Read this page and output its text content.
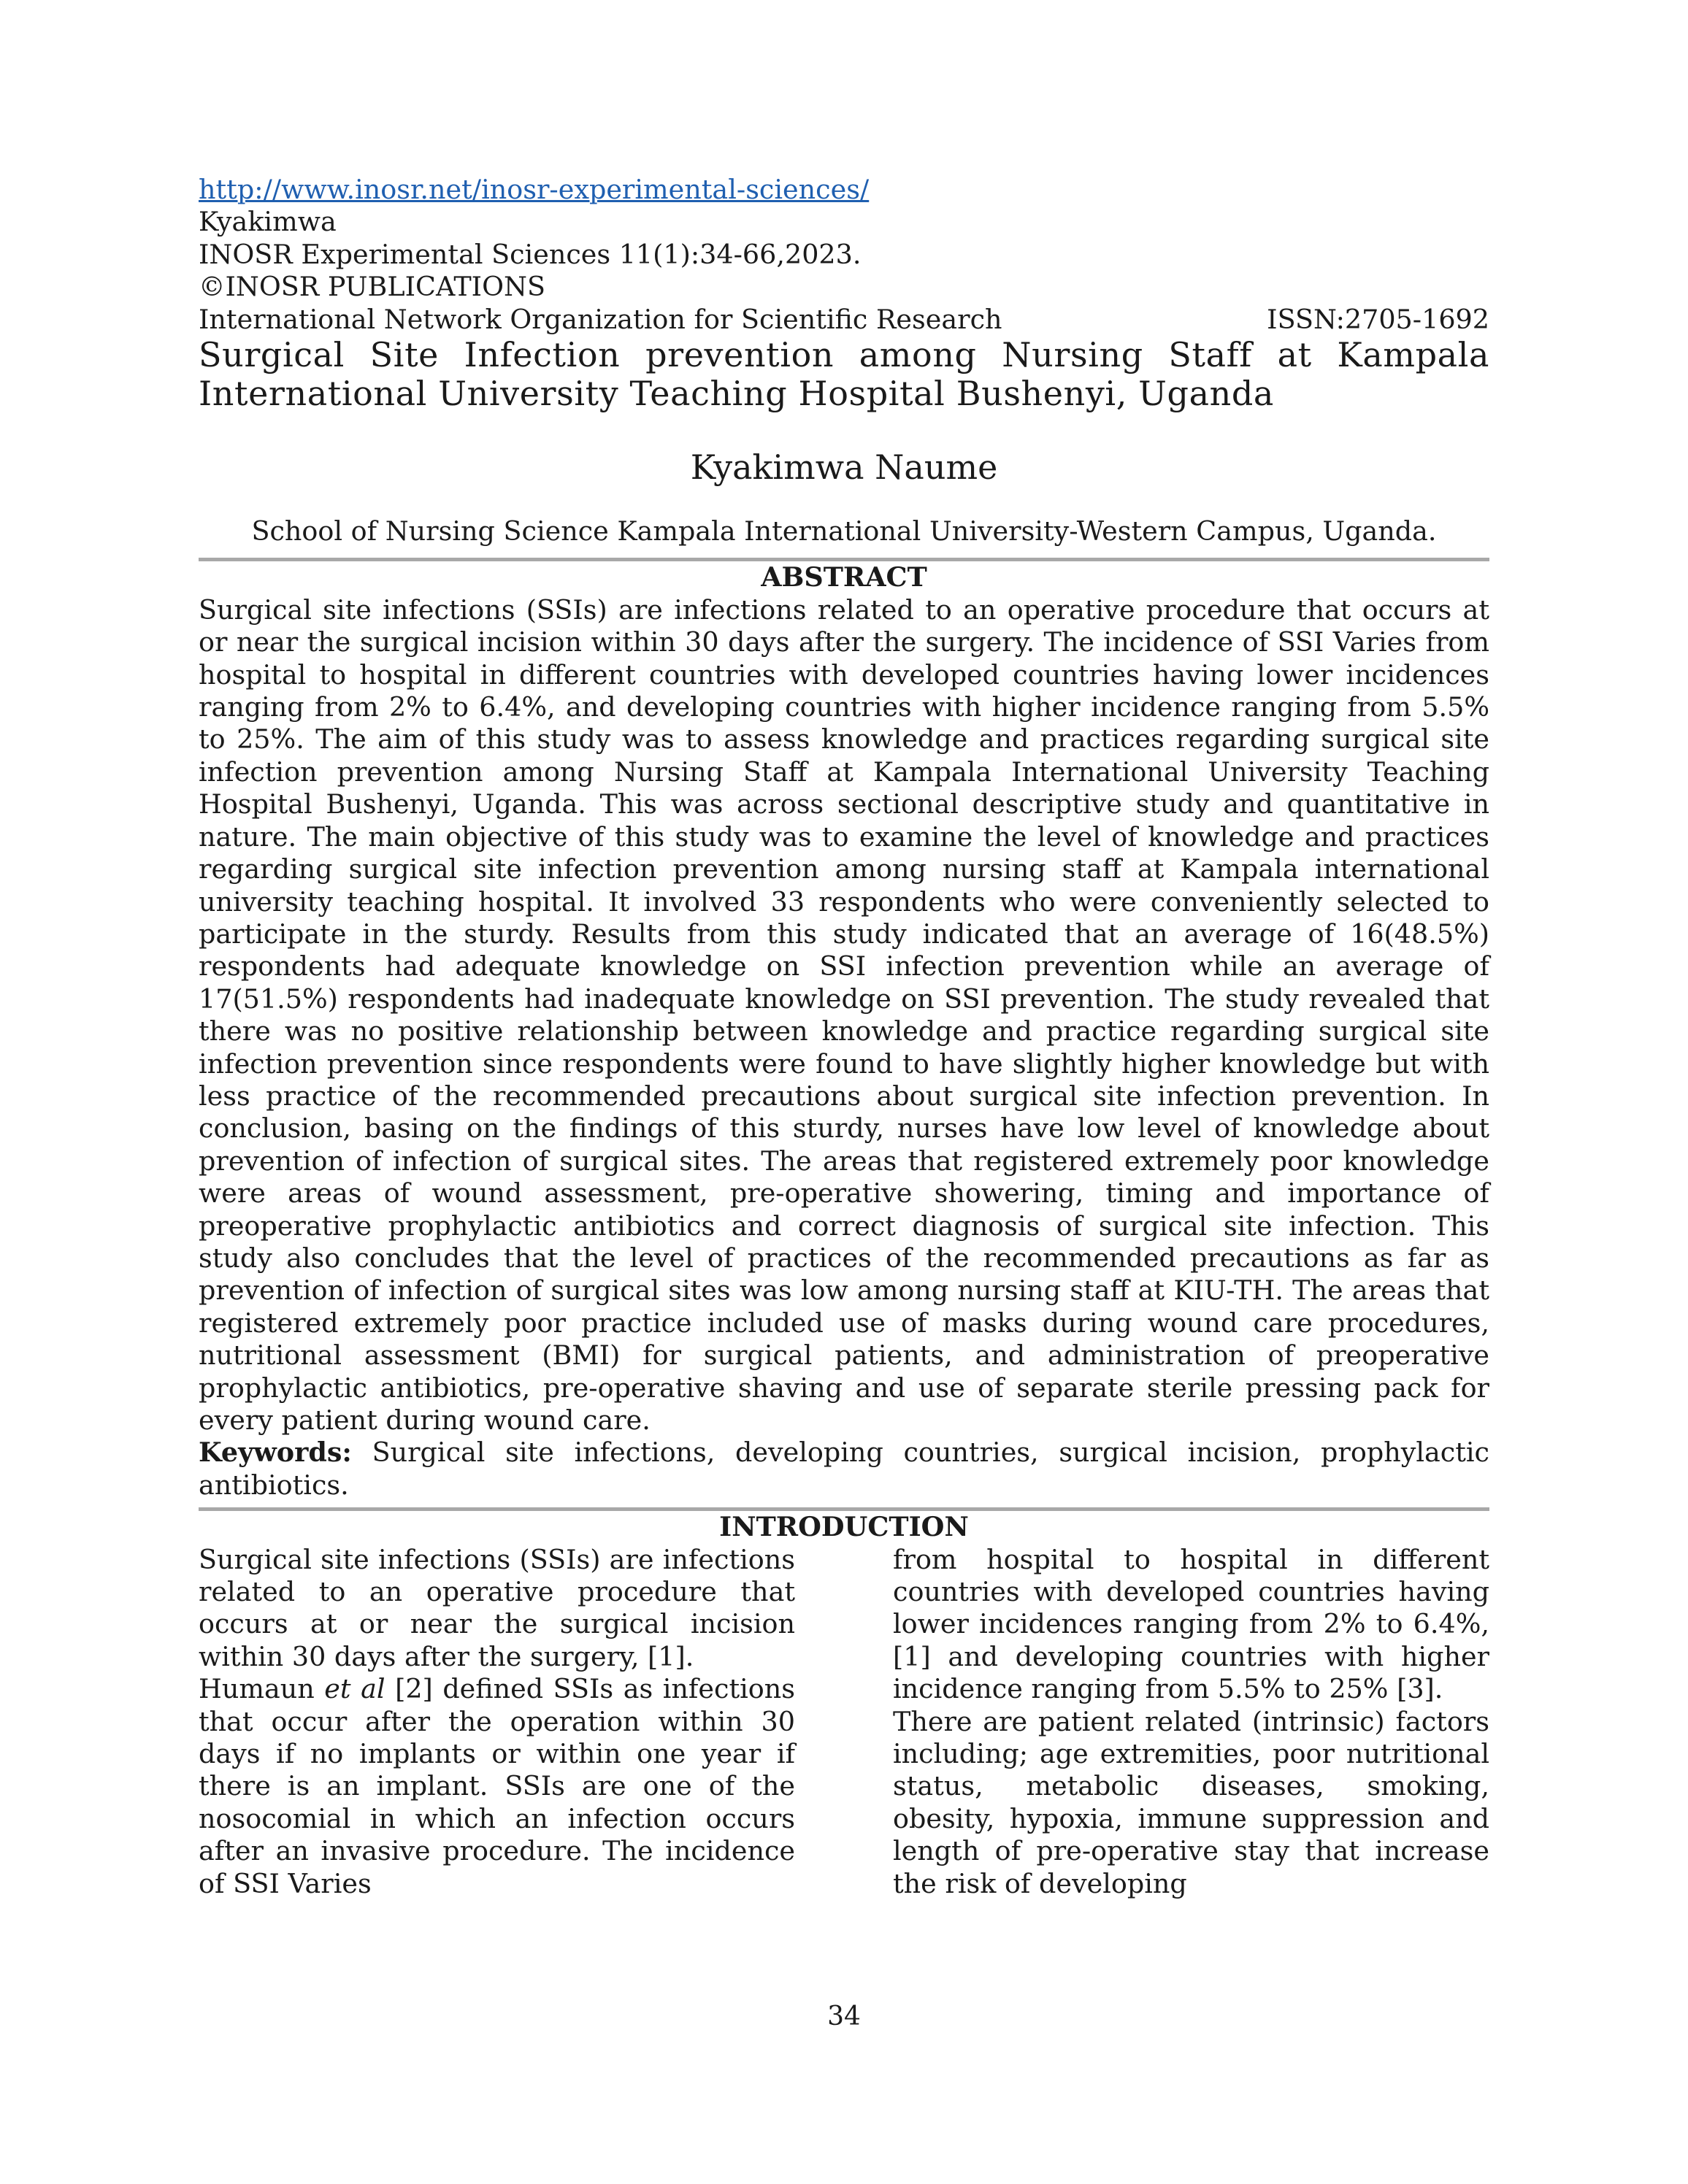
http://www.inosr.net/inosr-experimental-sciences/
Kyakimwa
INOSR Experimental Sciences 11(1):34-66,2023.
©INOSR PUBLICATIONS
International Network Organization for Scientific Research	ISSN:2705-1692
Surgical Site Infection prevention among Nursing Staff at Kampala International University Teaching Hospital Bushenyi, Uganda
Kyakimwa Naume
School of Nursing Science Kampala International University-Western Campus, Uganda.
ABSTRACT
Surgical site infections (SSIs) are infections related to an operative procedure that occurs at or near the surgical incision within 30 days after the surgery. The incidence of SSI Varies from hospital to hospital in different countries with developed countries having lower incidences ranging from 2% to 6.4%, and developing countries with higher incidence ranging from 5.5% to 25%. The aim of this study was to assess knowledge and practices regarding surgical site infection prevention among Nursing Staff at Kampala International University Teaching Hospital Bushenyi, Uganda. This was across sectional descriptive study and quantitative in nature. The main objective of this study was to examine the level of knowledge and practices regarding surgical site infection prevention among nursing staff at Kampala international university teaching hospital. It involved 33 respondents who were conveniently selected to participate in the sturdy. Results from this study indicated that an average of 16(48.5%) respondents had adequate knowledge on SSI infection prevention while an average of 17(51.5%) respondents had inadequate knowledge on SSI prevention. The study revealed that there was no positive relationship between knowledge and practice regarding surgical site infection prevention since respondents were found to have slightly higher knowledge but with less practice of the recommended precautions about surgical site infection prevention. In conclusion, basing on the findings of this sturdy, nurses have low level of knowledge about prevention of infection of surgical sites. The areas that registered extremely poor knowledge were areas of wound assessment, pre-operative showering, timing and importance of preoperative prophylactic antibiotics and correct diagnosis of surgical site infection. This study also concludes that the level of practices of the recommended precautions as far as prevention of infection of surgical sites was low among nursing staff at KIU-TH. The areas that registered extremely poor practice included use of masks during wound care procedures, nutritional assessment (BMI) for surgical patients, and administration of preoperative prophylactic antibiotics, pre-operative shaving and use of separate sterile pressing pack for every patient during wound care.
Keywords: Surgical site infections, developing countries, surgical incision, prophylactic antibiotics.
INTRODUCTION

Surgical site infections (SSIs) are infections related to an operative procedure that occurs at or near the surgical incision within 30 days after the surgery, [1].

Humaun et al [2] defined SSIs as infections that occur after the operation within 30 days if no implants or within one year if there is an implant. SSIs are one of the nosocomial in which an infection occurs after an invasive procedure. The incidence of SSI Varies

from hospital to hospital in different countries with developed countries having lower incidences ranging from 2% to 6.4%, [1] and developing countries with higher incidence ranging from 5.5% to 25% [3].

There are patient related (intrinsic) factors including; age extremities, poor nutritional status, metabolic diseases, smoking, obesity, hypoxia, immune suppression and length of pre-operative stay that increase the risk of developing

34
